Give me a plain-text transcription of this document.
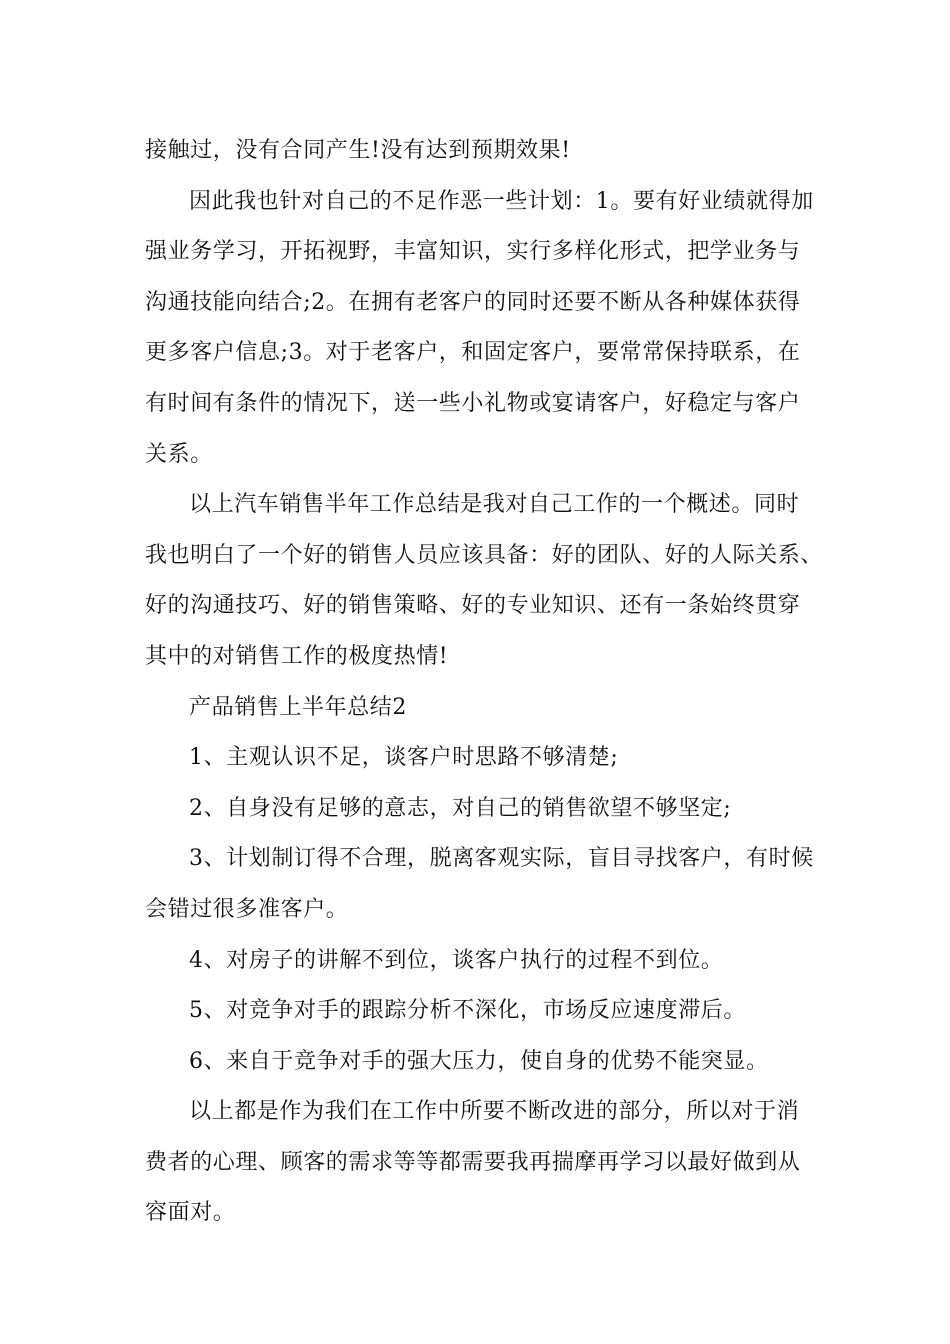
接触过，没有合同产生!没有达到预期效果!
因此我也针对自己的不足作恶一些计划：1。要有好业绩就得加
强业务学习，开拓视野，丰富知识，实行多样化形式，把学业务与
沟通技能向结合;2。在拥有老客户的同时还要不断从各种媒体获得
更多客户信息;3。对于老客户，和固定客户，要常常保持联系，在
有时间有条件的情况下，送一些小礼物或宴请客户，好稳定与客户
关系。
以上汽车销售半年工作总结是我对自己工作的一个概述。同时
我也明白了一个好的销售人员应该具备：好的团队、好的人际关系、
好的沟通技巧、好的销售策略、好的专业知识、还有一条始终贯穿
其中的对销售工作的极度热情!
产品销售上半年总结2
1、主观认识不足，谈客户时思路不够清楚;
2、自身没有足够的意志，对自己的销售欲望不够坚定;
3、计划制订得不合理，脱离客观实际，盲目寻找客户，有时候
会错过很多准客户。
4、对房子的讲解不到位，谈客户执行的过程不到位。
5、对竞争对手的跟踪分析不深化，市场反应速度滞后。
6、来自于竞争对手的强大压力，使自身的优势不能突显。
以上都是作为我们在工作中所要不断改进的部分，所以对于消
费者的心理、顾客的需求等等都需要我再揣摩再学习以最好做到从
容面对。
